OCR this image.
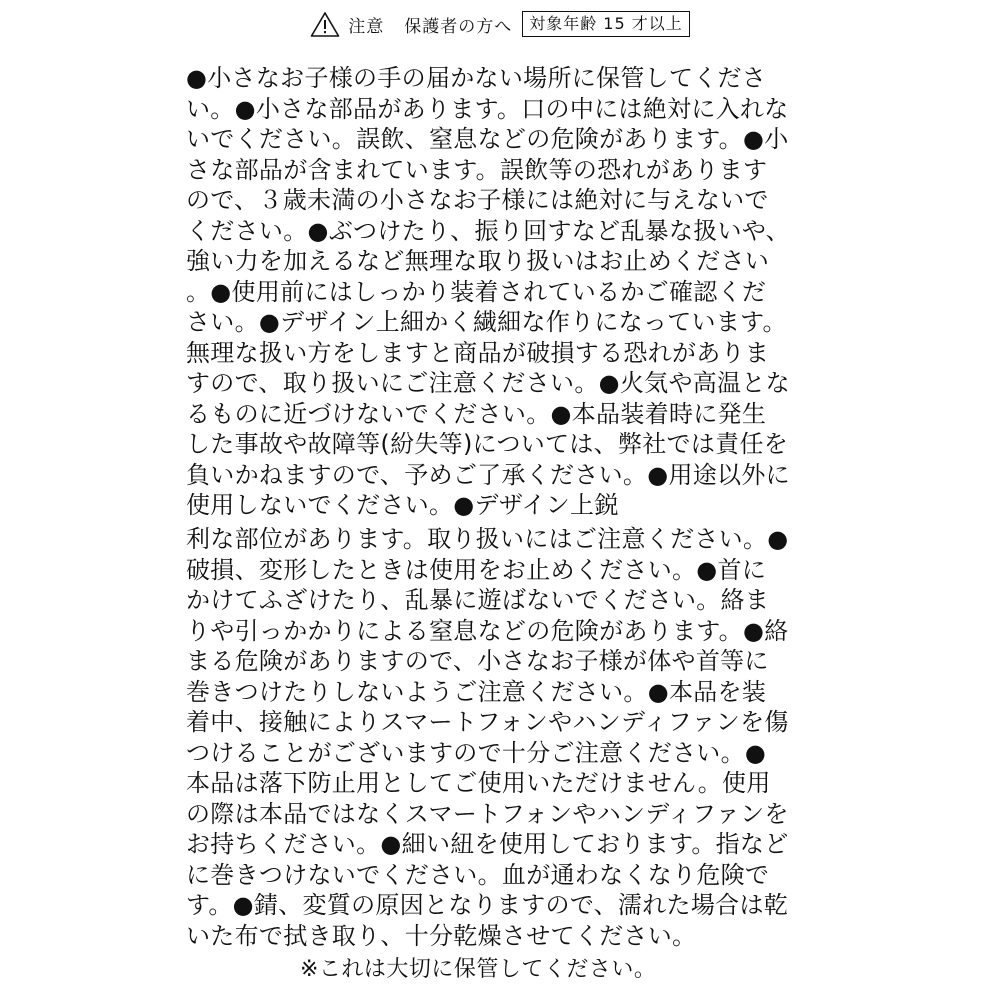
注意 保護者の方へ	対象年齢 15 才以上

●小さなお子様の手の届かない場所に保管してください。●小さな部品があります。口の中には絶対に入れないでください。誤飲、窒息などの危険があります。●小さな部品が含まれています。誤飲等の恐れがありますので、３歳未満の小さなお子様には絶対に与えないでください。●ぶつけたり、振り回すなど乱暴な扱いや、強い力を加えるなど無理な取り扱いはお止めください。●使用前にはしっかり装着されているかご確認ください。●デザイン上細かく繊細な作りになっています。無理な扱い方をしますと商品が破損する恐れがありますので、取り扱いにご注意ください。●火気や高温となるものに近づけないでください。●本品装着時に発生した事故や故障等(紛失等)については、弊社では責任を負いかねますので、予めご了承ください。●用途以外に使用しないでください。●デザイン上鋭

利な部位があります。取り扱いにはご注意ください。●破損、変形したときは使用をお止めください。●首にかけてふざけたり、乱暴に遊ばないでください。絡まりや引っかかりによる窒息などの危険があります。●絡まる危険がありますので、小さなお子様が体や首等に巻きつけたりしないようご注意ください。●本品を装着中、接触によりスマートフォンやハンディファンを傷つけることがございますので十分ご注意ください。●本品は落下防止用としてご使用いただけません。使用の際は本品ではなくスマートフォンやハンディファンをお持ちください。●細い紐を使用しております。指などに巻きつけないでください。血が通わなくなり危険です。●錆、変質の原因となりますので、濡れた場合は乾いた布で拭き取り、十分乾燥させてください。

※これは大切に保管してください。
